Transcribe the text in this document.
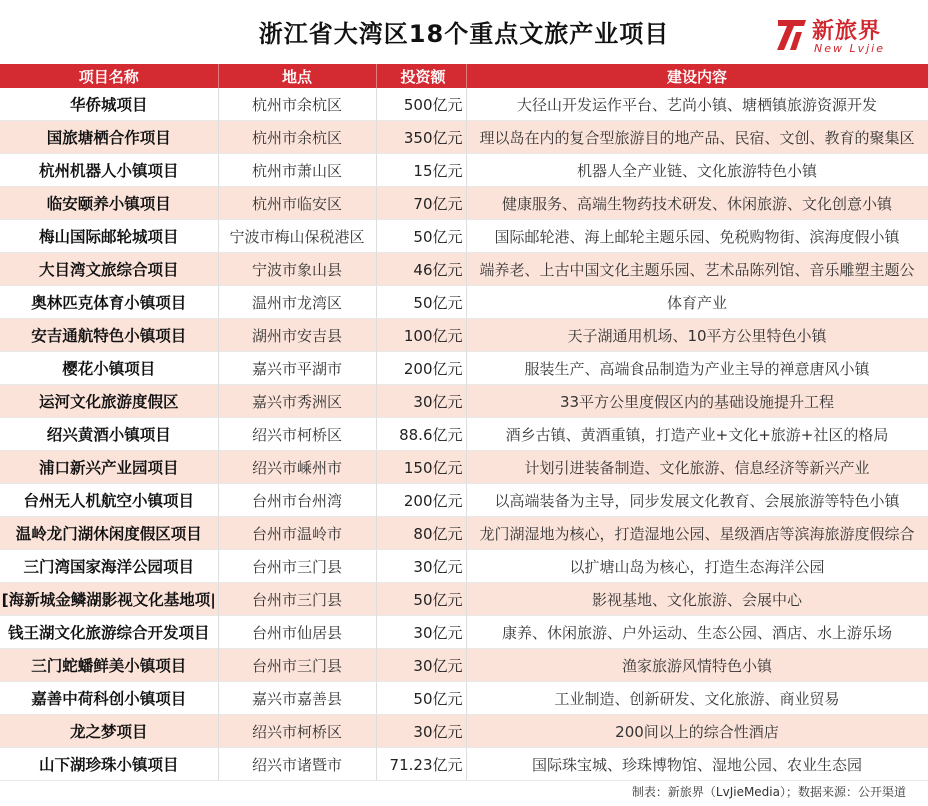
浙江省大湾区18个重点文旅产业项目	新旅界
New Lvjie
项目名称	地点	投资额	建设内容
华侨城项目	杭州市余杭区	500亿元	大径山开发运作平台、艺尚小镇、塘栖镇旅游资源开发
国旅塘栖合作项目	杭州市余杭区	350亿元	理以岛在内的复合型旅游目的地产品、民宿、文创、教育的聚集区
杭州机器人小镇项目	杭州市萧山区	15亿元	机器人全产业链、文化旅游特色小镇
临安颐养小镇项目	杭州市临安区	70亿元	健康服务、高端生物药技术研发、休闲旅游、文化创意小镇
梅山国际邮轮城项目	宁波市梅山保税港区	50亿元	国际邮轮港、海上邮轮主题乐园、免税购物街、滨海度假小镇
大目湾文旅综合项目	宁波市象山县	46亿元	端养老、上古中国文化主题乐园、艺术品陈列馆、音乐雕塑主题公
奥林匹克体育小镇项目	温州市龙湾区	50亿元	体育产业
安吉通航特色小镇项目	湖州市安吉县	100亿元	天子湖通用机场、10平方公里特色小镇
樱花小镇项目	嘉兴市平湖市	200亿元	服装生产、高端食品制造为产业主导的禅意唐风小镇
运河文化旅游度假区	嘉兴市秀洲区	30亿元	33平方公里度假区内的基础设施提升工程
绍兴黄酒小镇项目	绍兴市柯桥区	88.6亿元	酒乡古镇、黄酒重镇，打造产业+文化+旅游+社区的格局
浦口新兴产业园项目	绍兴市嵊州市	150亿元	计划引进装备制造、文化旅游、信息经济等新兴产业
台州无人机航空小镇项目	台州市台州湾	200亿元	以高端装备为主导，同步发展文化教育、会展旅游等特色小镇
温岭龙门湖休闲度假区项目	台州市温岭市	80亿元	龙门湖湿地为核心，打造湿地公园、星级酒店等滨海旅游度假综合
三门湾国家海洋公园项目	台州市三门县	30亿元	以扩塘山岛为核心，打造生态海洋公园
[海新城金鳞湖影视文化基地项|	台州市三门县	50亿元	影视基地、文化旅游、会展中心
钱王湖文化旅游综合开发项目	台州市仙居县	30亿元	康养、休闲旅游、户外运动、生态公园、酒店、水上游乐场
三门蛇蟠鲜美小镇项目	台州市三门县	30亿元	渔家旅游风情特色小镇
嘉善中荷科创小镇项目	嘉兴市嘉善县	50亿元	工业制造、创新研发、文化旅游、商业贸易
龙之梦项目	绍兴市柯桥区	30亿元	200间以上的综合性酒店
山下湖珍珠小镇项目	绍兴市诸暨市	71.23亿元	国际珠宝城、珍珠博物馆、湿地公园、农业生态园
制表：新旅界（LvJieMedia）；数据来源：公开渠道
